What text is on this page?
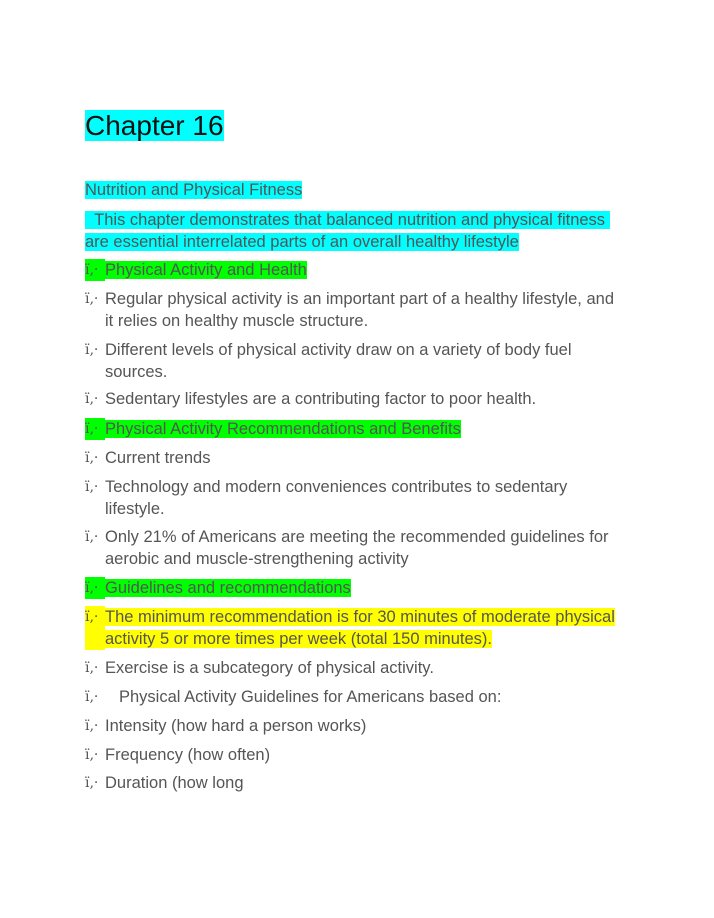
Chapter 16
Nutrition and Physical Fitness
This chapter demonstrates that balanced nutrition and physical fitness are essential interrelated parts of an overall healthy lifestyle
ï‚· Physical Activity and Health
ï‚· Regular physical activity is an important part of a healthy lifestyle, and it relies on healthy muscle structure.
ï‚· Different levels of physical activity draw on a variety of body fuel sources.
ï‚· Sedentary lifestyles are a contributing factor to poor health.
ï‚· Physical Activity Recommendations and Benefits
ï‚· Current trends
ï‚· Technology and modern conveniences contributes to sedentary lifestyle.
ï‚· Only 21% of Americans are meeting the recommended guidelines for aerobic and muscle-strengthening activity
ï‚· Guidelines and recommendations
ï‚· The minimum recommendation is for 30 minutes of moderate physical activity 5 or more times per week (total 150 minutes).
ï‚· Exercise is a subcategory of physical activity.
ï‚·	Physical Activity Guidelines for Americans based on:
ï‚· Intensity (how hard a person works)
ï‚· Frequency (how often)
ï‚· Duration (how long
